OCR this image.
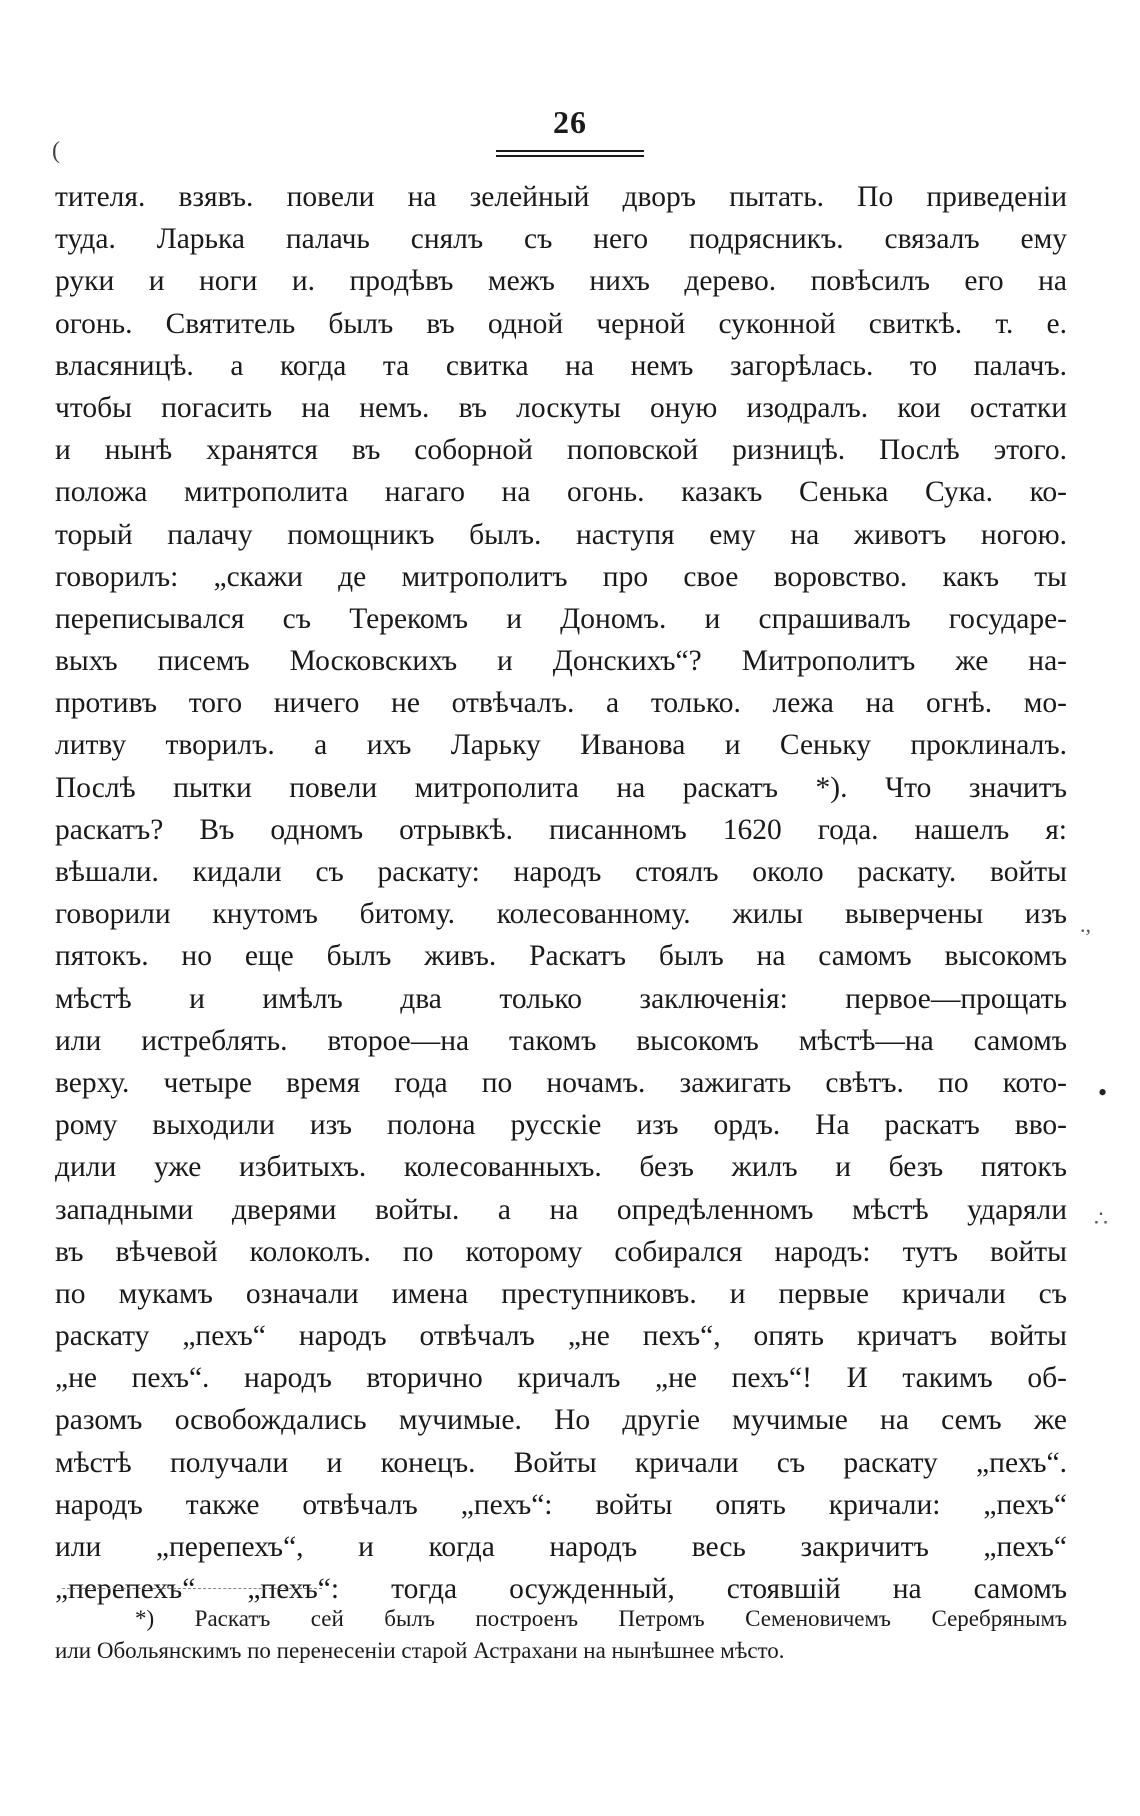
26
(
тителя. взявъ. повели на зелейный дворъ пытать. По приведенiи
туда. Ларька палачь снялъ съ него подрясникъ. связалъ ему
руки и ноги и. продѣвъ межъ нихъ дерево. повѣсилъ его на
огонь. Святитель былъ въ одной черной суконной свиткѣ. т. е.
власяницѣ. а когда та свитка на немъ загорѣлась. то палачъ.
чтобы погасить на немъ. въ лоскуты оную изодралъ. кои остатки
и нынѣ хранятся въ соборной поповской ризницѣ. Послѣ этого.
положа митрополита нагаго на огонь. казакъ Сенька Сука. ко-
торый палачу помощникъ былъ. наступя ему на животъ ногою.
говорилъ: „скажи де митрополитъ про свое воровство. какъ ты
переписывался съ Терекомъ и Дономъ. и спрашивалъ государе-
выхъ писемъ Московскихъ и Донскихъ“? Митрополитъ же на-
противъ того ничего не отвѣчалъ. а только. лежа на огнѣ. мо-
литву творилъ. а ихъ Ларьку Иванова и Сеньку проклиналъ.
Послѣ пытки повели митрополита на раскатъ *). Что значитъ
раскатъ? Въ одномъ отрывкѣ. писанномъ 1620 года. нашелъ я:
вѣшали. кидали съ раскату: народъ стоялъ около раскату. войты
говорили кнутомъ битому. колесованному. жилы выверчены изъ
пятокъ. но еще былъ живъ. Раскатъ былъ на самомъ высокомъ
мѣстѣ и имѣлъ два только заключенiя: первое—прощать
или истреблять. второе—на такомъ высокомъ мѣстѣ—на самомъ
верху. четыре время года по ночамъ. зажигать свѣтъ. по кото-
рому выходили изъ полона русскiе изъ ордъ. На раскатъ вво-
дили уже избитыхъ. колесованныхъ. безъ жилъ и безъ пятокъ
западными дверями войты. а на опредѣленномъ мѣстѣ ударяли
въ вѣчевой колоколъ. по которому собирался народъ: тутъ войты
по мукамъ означали имена преступниковъ. и первые кричали съ
раскату „пехъ“ народъ отвѣчалъ „не пехъ“, опять кричатъ войты
„не пехъ“. народъ вторично кричалъ „не пехъ“! И такимъ об-
разомъ освобождались мучимые. Но другiе мучимые на семъ же
мѣстѣ получали и конецъ. Войты кричали съ раскату „пехъ“.
народъ также отвѣчалъ „пехъ“: войты опять кричали: „пехъ“
или „перепехъ“, и когда народъ весь закричитъ „пехъ“
„перепехъ“ „пехъ“: тогда осужденный, стоявшiй на самомъ
*) Раскатъ сей былъ построенъ Петромъ Семеновичемъ Серебрянымъ
или Обольянскимъ по перенесенiи старой Астрахани на нынѣшнее мѣсто.
.,
•
∴
